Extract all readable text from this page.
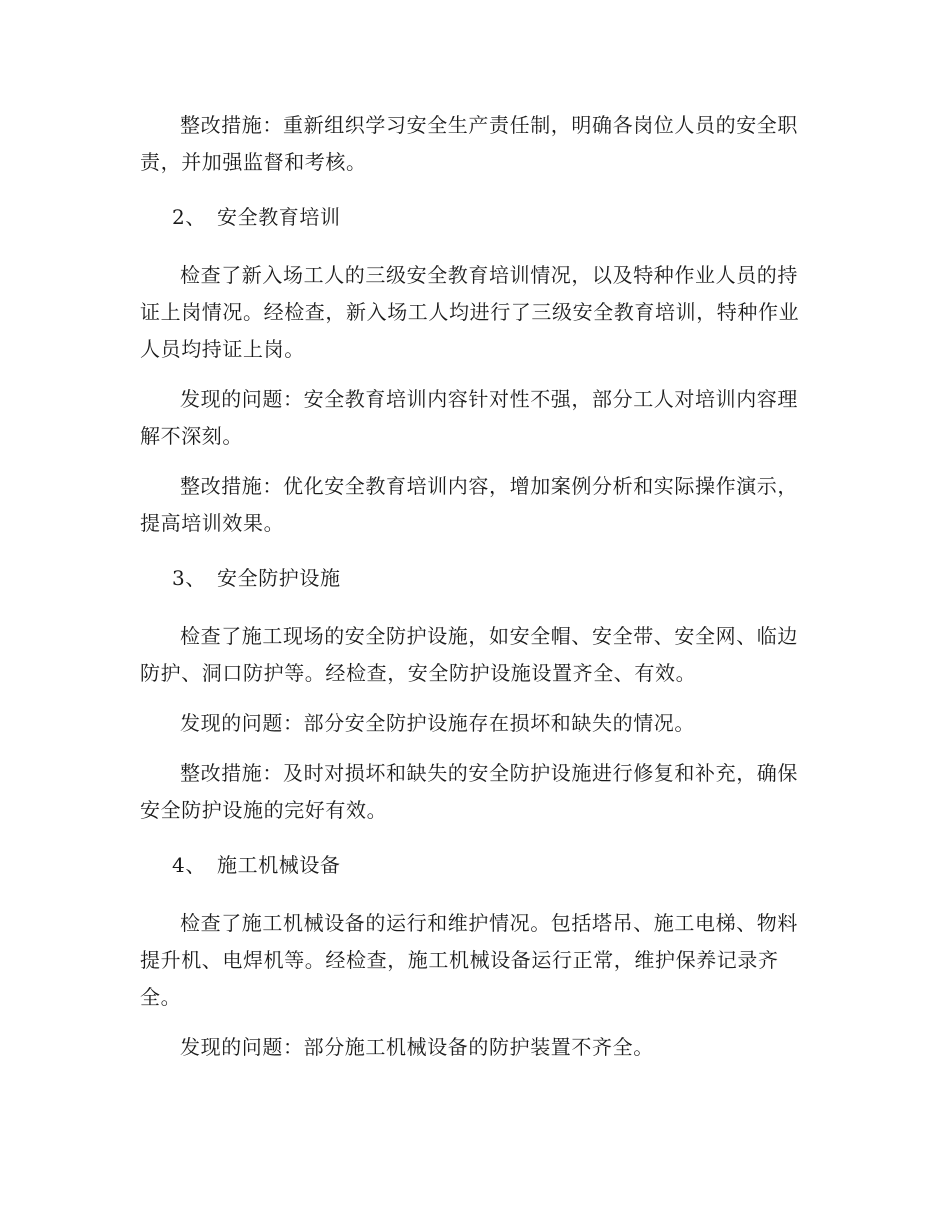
整改措施：重新组织学习安全生产责任制，明确各岗位人员的安全职责，并加强监督和考核。

2、 安全教育培训

检查了新入场工人的三级安全教育培训情况，以及特种作业人员的持证上岗情况。经检查，新入场工人均进行了三级安全教育培训，特种作业人员均持证上岗。

发现的问题：安全教育培训内容针对性不强，部分工人对培训内容理解不深刻。

整改措施：优化安全教育培训内容，增加案例分析和实际操作演示，提高培训效果。

3、 安全防护设施

检查了施工现场的安全防护设施，如安全帽、安全带、安全网、临边防护、洞口防护等。经检查，安全防护设施设置齐全、有效。

发现的问题：部分安全防护设施存在损坏和缺失的情况。

整改措施：及时对损坏和缺失的安全防护设施进行修复和补充，确保安全防护设施的完好有效。

4、 施工机械设备

检查了施工机械设备的运行和维护情况。包括塔吊、施工电梯、物料提升机、电焊机等。经检查，施工机械设备运行正常，维护保养记录齐全。

发现的问题：部分施工机械设备的防护装置不齐全。
